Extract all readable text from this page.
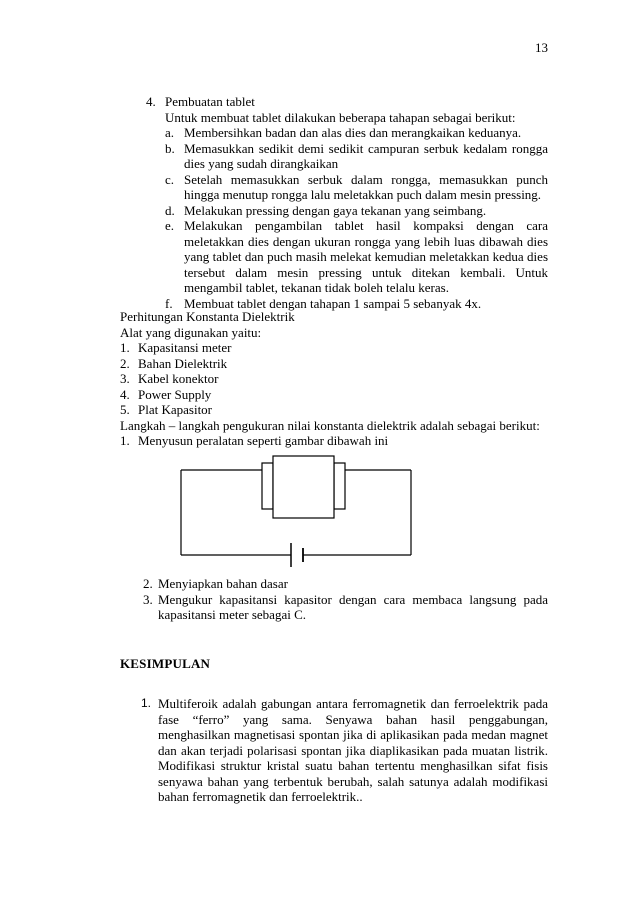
13
4. Pembuatan tablet
Untuk membuat tablet dilakukan beberapa tahapan sebagai berikut:
a. Membersihkan badan dan alas dies dan merangkaikan keduanya.
b. Memasukkan sedikit demi sedikit campuran serbuk kedalam rongga dies yang sudah dirangkaikan
c. Setelah memasukkan serbuk dalam rongga, memasukkan punch hingga menutup rongga lalu meletakkan puch dalam mesin pressing.
d. Melakukan pressing dengan gaya tekanan yang seimbang.
e. Melakukan pengambilan tablet hasil kompaksi dengan cara meletakkan dies dengan ukuran rongga yang lebih luas dibawah dies yang tablet dan puch masih melekat kemudian meletakkan kedua dies tersebut dalam mesin pressing untuk ditekan kembali. Untuk mengambil tablet, tekanan tidak boleh telalu keras.
f. Membuat tablet dengan tahapan 1 sampai 5 sebanyak 4x.
Perhitungan Konstanta Dielektrik
Alat yang digunakan yaitu:
1. Kapasitansi meter
2. Bahan Dielektrik
3. Kabel konektor
4. Power Supply
5. Plat Kapasitor
Langkah – langkah pengukuran nilai konstanta dielektrik adalah sebagai berikut:
1. Menyusun peralatan seperti gambar dibawah ini
2. Menyiapkan bahan dasar
3. Mengukur kapasitansi kapasitor dengan cara membaca langsung pada kapasitansi meter sebagai C.
KESIMPULAN
1. Multiferoik adalah gabungan antara ferromagnetik dan ferroelektrik pada fase “ferro” yang sama. Senyawa bahan hasil penggabungan, menghasilkan magnetisasi spontan jika di aplikasikan pada medan magnet dan akan terjadi polarisasi spontan jika diaplikasikan pada muatan listrik. Modifikasi struktur kristal suatu bahan tertentu menghasilkan sifat fisis senyawa bahan yang terbentuk berubah, salah satunya adalah modifikasi bahan ferromagnetik dan ferroelektrik..
